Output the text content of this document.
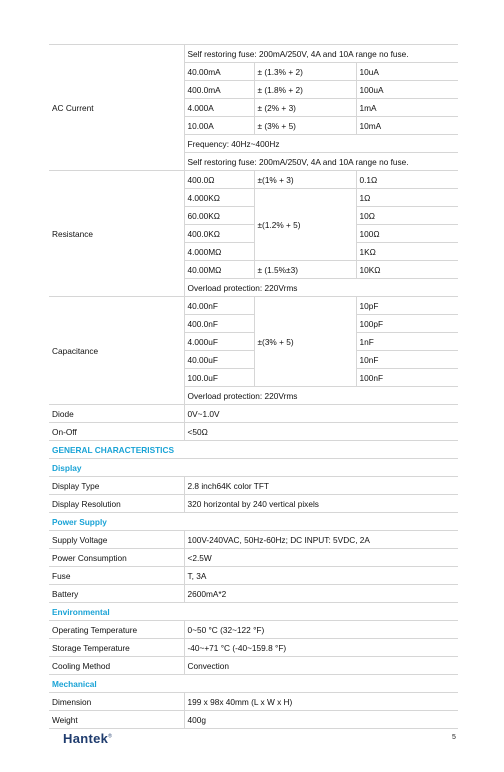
AC Current	Self restoring fuse: 200mA/250V, 4A and 10A range no fuse.		
	40.00mA	± (1.3% + 2)	10uA
	400.0mA	± (1.8% + 2)	100uA
	4.000A	± (2% + 3)	1mA
	10.00A	± (3% + 5)	10mA
	Frequency: 40Hz~400Hz		
	Self restoring fuse: 200mA/250V, 4A and 10A range no fuse.		
Resistance	400.0Ω	±(1% + 3)	0.1Ω
	4.000KΩ	±(1.2% + 5)	1Ω
	60.00KΩ		10Ω
	400.0KΩ		100Ω
	4.000MΩ		1KΩ
	40.00MΩ	± (1.5%±3)	10KΩ
	Overload protection: 220Vrms		
Capacitance	40.00nF	±(3% + 5)	10pF
	400.0nF		100pF
	4.000uF		1nF
	40.00uF		10nF
	100.0uF		100nF
	Overload protection: 220Vrms		
Diode	0V~1.0V		
On-Off	<50Ω		
GENERAL CHARACTERISTICS			
Display			
Display Type	2.8 inch64K color TFT		
Display Resolution	320 horizontal by 240 vertical pixels		
Power Supply			
Supply Voltage	100V-240VAC, 50Hz-60Hz; DC INPUT: 5VDC, 2A		
Power Consumption	<2.5W		
Fuse	T, 3A		
Battery	2600mA*2		
Environmental			
Operating Temperature	0~50 °C (32~122 °F)		
Storage Temperature	-40~+71 °C (-40~159.8 °F)		
Cooling Method	Convection		
Mechanical			
Dimension	199 x 98x 40mm (L x W x H)		
Weight	400g		
Hantek®	5
